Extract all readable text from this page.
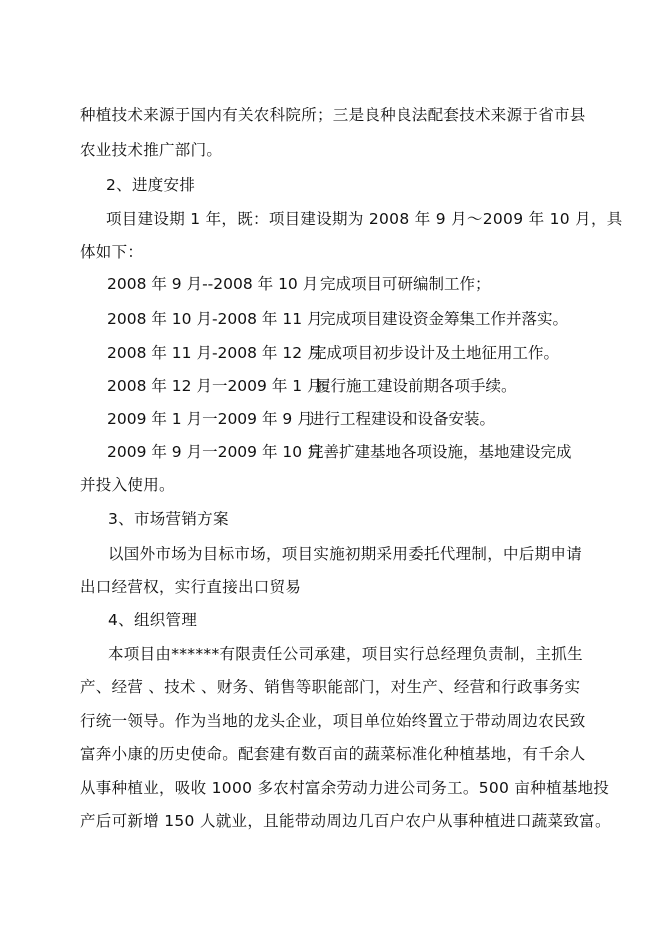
种植技术来源于国内有关农科院所；三是良种良法配套技术来源于省市县
农业技术推广部门。
2、进度安排
项目建设期 1 年，既：项目建设期为 2008 年 9 月～2009 年 10 月，具
体如下：
2008 年 9 月--2008 年 10 月 完成项目可研编制工作；
2008 年 10 月-2008 年 11 月
完成项目建设资金筹集工作并落实。
2008 年 11 月-2008 年 12 月
完成项目初步设计及土地征用工作。
2008 年 12 月一2009 年 1 月
履行施工建设前期各项手续。
2009 年 1 月一2009 年 9 月
进行工程建设和设备安装。
2009 年 9 月一2009 年 10 月
完善扩建基地各项设施，基地建设完成
并投入使用。
3、市场营销方案
以国外市场为目标市场，项目实施初期采用委托代理制，中后期申请
出口经营权，实行直接出口贸易
4、组织管理
本项目由******有限责任公司承建，项目实行总经理负责制，主抓生
产、经营 、技术 、财务、销售等职能部门，对生产、经营和行政事务实
行统一领导。作为当地的龙头企业，项目单位始终置立于带动周边农民致
富奔小康的历史使命。配套建有数百亩的蔬菜标准化种植基地，有千余人
从事种植业，吸收 1000 多农村富余劳动力进公司务工。500 亩种植基地投
产后可新增 150 人就业，且能带动周边几百户农户从事种植进口蔬菜致富。
